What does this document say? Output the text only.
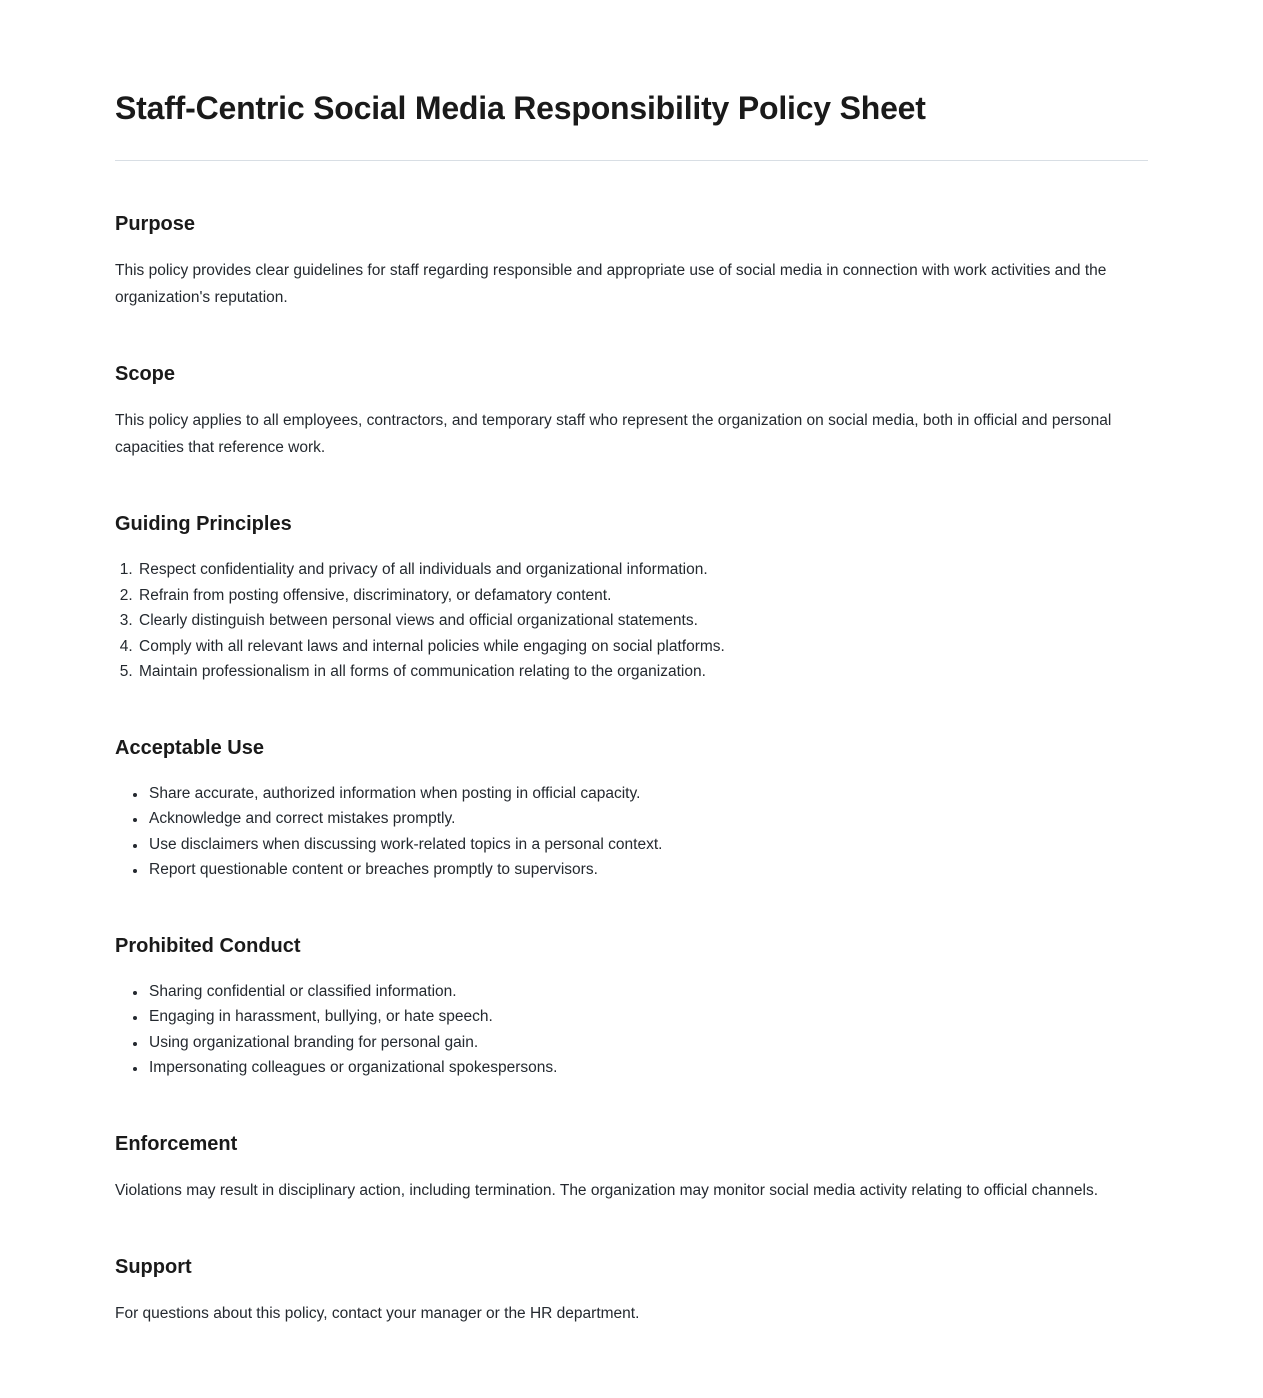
Staff-Centric Social Media Responsibility Policy Sheet
Purpose

This policy provides clear guidelines for staff regarding responsible and appropriate use of social media in connection with work activities and the organization's reputation.

Scope

This policy applies to all employees, contractors, and temporary staff who represent the organization on social media, both in official and personal capacities that reference work.

Guiding Principles
1. Respect confidentiality and privacy of all individuals and organizational information.
2. Refrain from posting offensive, discriminatory, or defamatory content.
3. Clearly distinguish between personal views and official organizational statements.
4. Comply with all relevant laws and internal policies while engaging on social platforms.
5. Maintain professionalism in all forms of communication relating to the organization.
Acceptable Use
• Share accurate, authorized information when posting in official capacity.
• Acknowledge and correct mistakes promptly.
• Use disclaimers when discussing work-related topics in a personal context.
• Report questionable content or breaches promptly to supervisors.
Prohibited Conduct
• Sharing confidential or classified information.
• Engaging in harassment, bullying, or hate speech.
• Using organizational branding for personal gain.
• Impersonating colleagues or organizational spokespersons.
Enforcement

Violations may result in disciplinary action, including termination. The organization may monitor social media activity relating to official channels.

Support

For questions about this policy, contact your manager or the HR department.
